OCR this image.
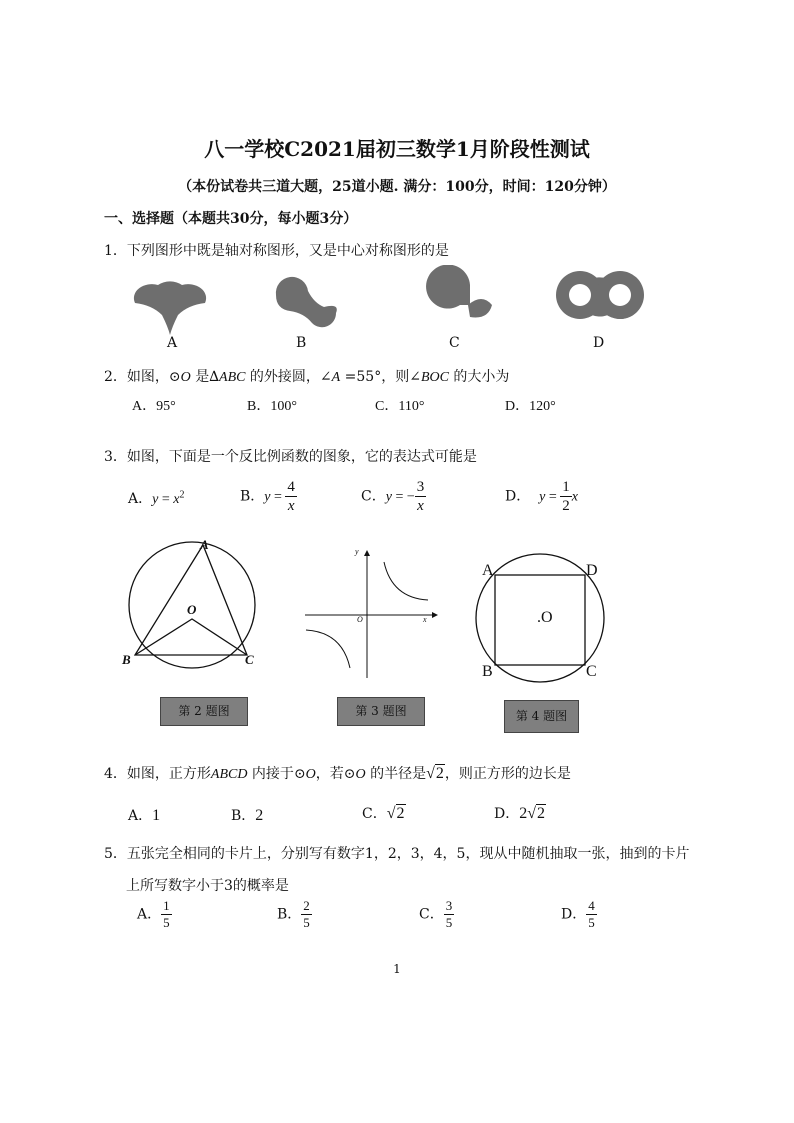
八一学校C2021届初三数学1月阶段性测试
（本份试卷共三道大题，25道小题. 满分：100分，时间：120分钟）
一、选择题（本题共30分，每小题3分）
1．下列图形中既是轴对称图形，又是中心对称图形的是
A	B	C	D
2．如图，⊙O 是∆ABC 的外接圆，∠A =55°，则∠BOC 的大小为
A．95°	B．100°	C．110°	D．120°
3．如图，下面是一个反比例函数的图象，它的表达式可能是
A．$y = x^2$	B．$y = \frac{4}{x}$	C．y = − $\frac{3}{x}$	D． $y = \frac{1}{2}$ x
A
O
B	C
第 2 题图
y
x
O
第 3 题图
A	D
.O
B	C
第 4 题图
4．如图，正方形ABCD 内接于⊙O，若⊙O 的半径是√2，则正方形的边长是
A．1	B．2	C．√2	D．2√2
5．五张完全相同的卡片上，分别写有数字1，2，3，4，5，现从中随机抽取一张，抽到的卡片
上所写数字小于3的概率是
A． $\frac{1}{5}$	B． $\frac{2}{5}$	C． $\frac{3}{5}$	D． $\frac{4}{5}$
1
